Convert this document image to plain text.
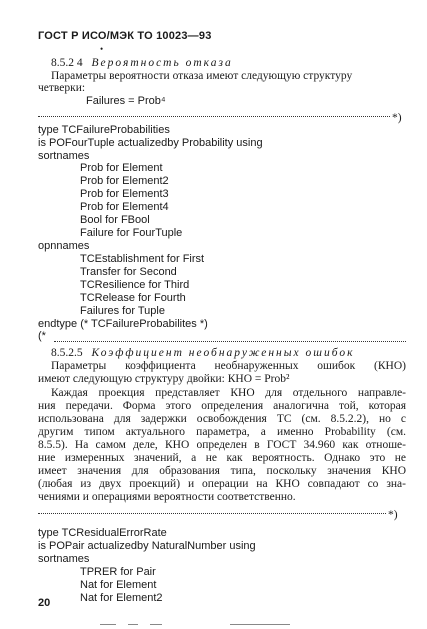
ГОСТ Р ИСО/МЭК ТО 10023—93
•
8.5.2 4 Вероятность отказа
Параметры вероятности отказа имеют следующую структуру
четверки:
Failures = Prob⁴
*)
type TCFailureProbabilities
is POFourTuple actualizedby Probability using
sortnames
Prob for Element
Prob for Element2
Prob for Element3
Prob for Element4
Bool for FBool
Failure for FourTuple
opnnames
TCEstablishment for First
Transfer for Second
TCResilience for Third
TCRelease for Fourth
Failures for Tuple
endtype (* TCFailureProbabilites *)
(*
8.5.2.5 Коэффициент необнаруженных ошибок
Параметры коэффициента необнаруженных ошибок (КНО)
имеют следующую структуру двойки: КНО = Prob²
Каждая проекция представляет КНО для отдельного направле-
ния передачи. Форма этого определения аналогична той, которая
использована для задержки освобождения ТС (см. 8.5.2.2), но с
другим типом актуального параметра, а именно Probability (см.
8.5.5). На самом деле, КНО определен в ГОСТ 34.960 как отноше-
ние измеренных значений, а не как вероятность. Однако это не
имеет значения для образования типа, поскольку значения КНО
(любая из двух проекций) и операции на КНО совпадают со зна-
чениями и операциями вероятности соответственно.
*)
type TCResidualErrorRate
is POPair actualizedby NaturalNumber using
sortnames
TPRER for Pair
Nat for Element
Nat for Element2
20
